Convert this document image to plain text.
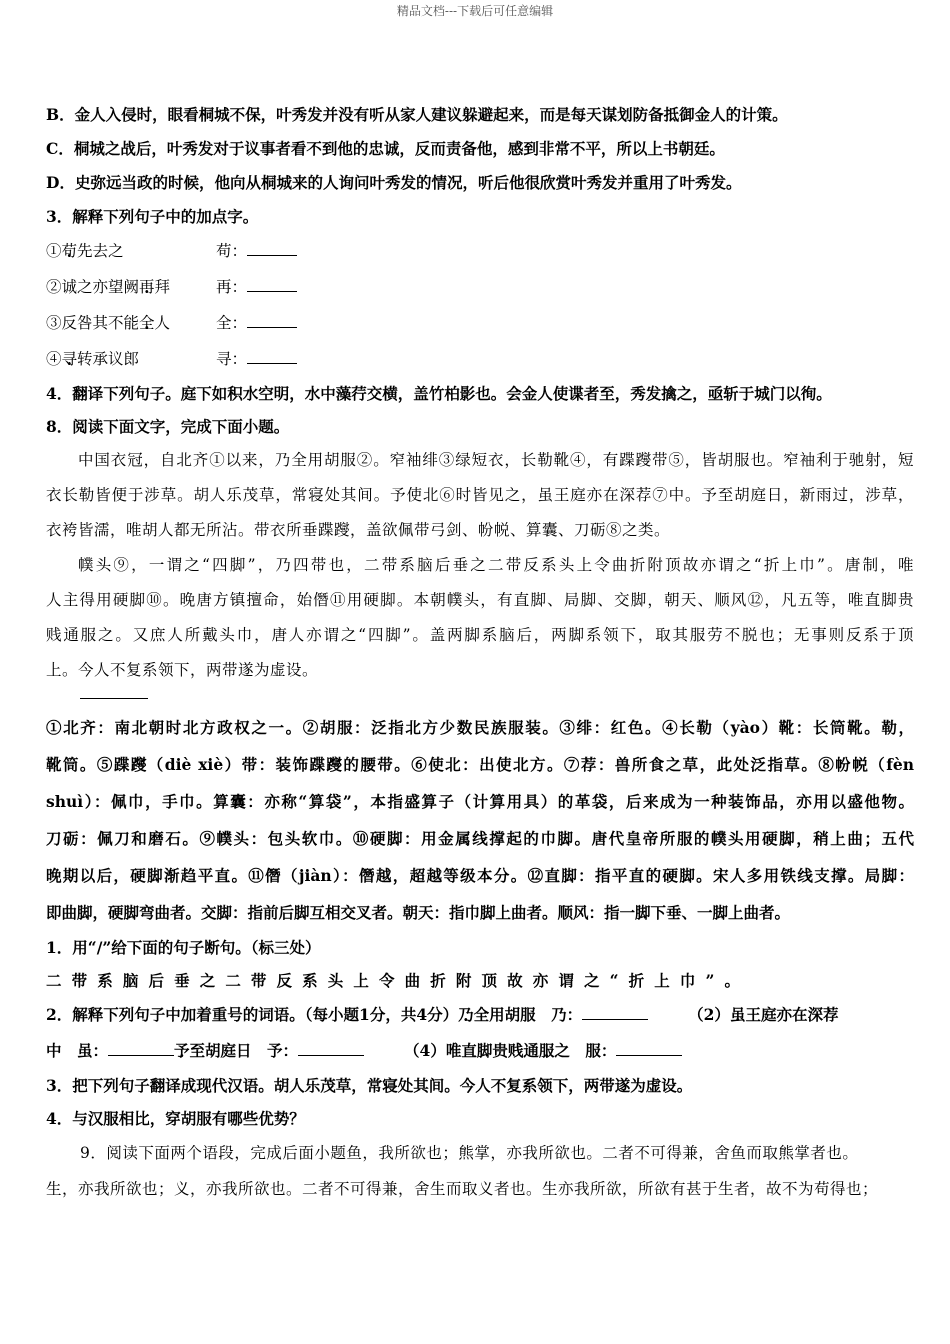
精品文档---下载后可任意编辑
B．金人入侵时，眼看桐城不保，叶秀发并没有听从家人建议躲避起来，而是每天谋划防备抵御金人的计策。
C．桐城之战后，叶秀发对于议事者看不到他的忠诚，反而责备他，感到非常不平，所以上书朝廷。
D．史弥远当政的时候，他向从桐城来的人询问叶秀发的情况，听后他很欣赏叶秀发并重用了叶秀发。
3．解释下列句子中的加点字。
①苟先去之	苟：
②诚之亦望阙再拜	再：
③反咎其不能全人	全：
④寻转承议郎	寻：
4．翻译下列句子。庭下如积水空明，水中藻荇交横，盖竹柏影也。会金人使谍者至，秀发擒之，亟斩于城门以徇。
8．阅读下面文字，完成下面小题。
中国衣冠，自北齐①以来，乃全用胡服②。窄袖绯③绿短衣，长勒靴④，有蹀躞带⑤，皆胡服也。窄袖利于驰射，短
衣长勒皆便于涉草。胡人乐茂草，常寝处其间。予使北⑥时皆见之，虽王庭亦在深荐⑦中。予至胡庭日，新雨过，涉草，
衣袴皆濡，唯胡人都无所沾。带衣所垂蹀躞，盖欲佩带弓剑、帉帨、算囊、刀砺⑧之类。
幞头⑨，一谓之“四脚”，乃四带也，二带系脑后垂之二带反系头上令曲折附顶故亦谓之“折上巾”。唐制，唯
人主得用硬脚⑩。晚唐方镇擅命，始僭⑪用硬脚。本朝幞头，有直脚、局脚、交脚，朝天、顺风⑫，凡五等，唯直脚贵
贱通服之。又庶人所戴头巾，唐人亦谓之“四脚”。盖两脚系脑后，两脚系领下，取其服劳不脱也；无事则反系于顶
上。今人不复系领下，两带遂为虚设。
①北齐：南北朝时北方政权之一。②胡服：泛指北方少数民族服装。③绯：红色。④长勒（yào）靴：长筒靴。勒，
靴筒。⑤蹀躞（diè xiè）带：装饰蹀躞的腰带。⑥使北：出使北方。⑦荐：兽所食之草，此处泛指草。⑧帉帨（fèn
shuì）：佩巾，手巾。算囊：亦称“算袋”，本指盛算子（计算用具）的革袋，后来成为一种装饰品，亦用以盛他物。
刀砺：佩刀和磨石。⑨幞头：包头软巾。⑩硬脚：用金属线撑起的巾脚。唐代皇帝所服的幞头用硬脚，稍上曲；五代
晚期以后，硬脚渐趋平直。⑪僭（jiàn）：僭越，超越等级本分。⑫直脚：指平直的硬脚。宋人多用铁线支撑。局脚：
即曲脚，硬脚弯曲者。交脚：指前后脚互相交叉者。朝天：指巾脚上曲者。顺风：指一脚下垂、一脚上曲者。
1．用“/”给下面的句子断句。（标三处）
二带系脑后垂之二带反系头上令曲折附顶故亦谓之“折上巾”。
2．解释下列句子中加着重号的词语。（每小题1分，共4分）乃全用胡服　乃：	（2）虽王庭亦在深荐
中　虽：	予至胡庭日　予：	（4）唯直脚贵贱通服之　服：
3．把下列句子翻译成现代汉语。胡人乐茂草，常寝处其间。今人不复系领下，两带遂为虚设。
4．与汉服相比，穿胡服有哪些优势？
9．阅读下面两个语段，完成后面小题鱼，我所欲也；熊掌，亦我所欲也。二者不可得兼，舍鱼而取熊掌者也。
生，亦我所欲也；义，亦我所欲也。二者不可得兼，舍生而取义者也。生亦我所欲，所欲有甚于生者，故不为苟得也；
